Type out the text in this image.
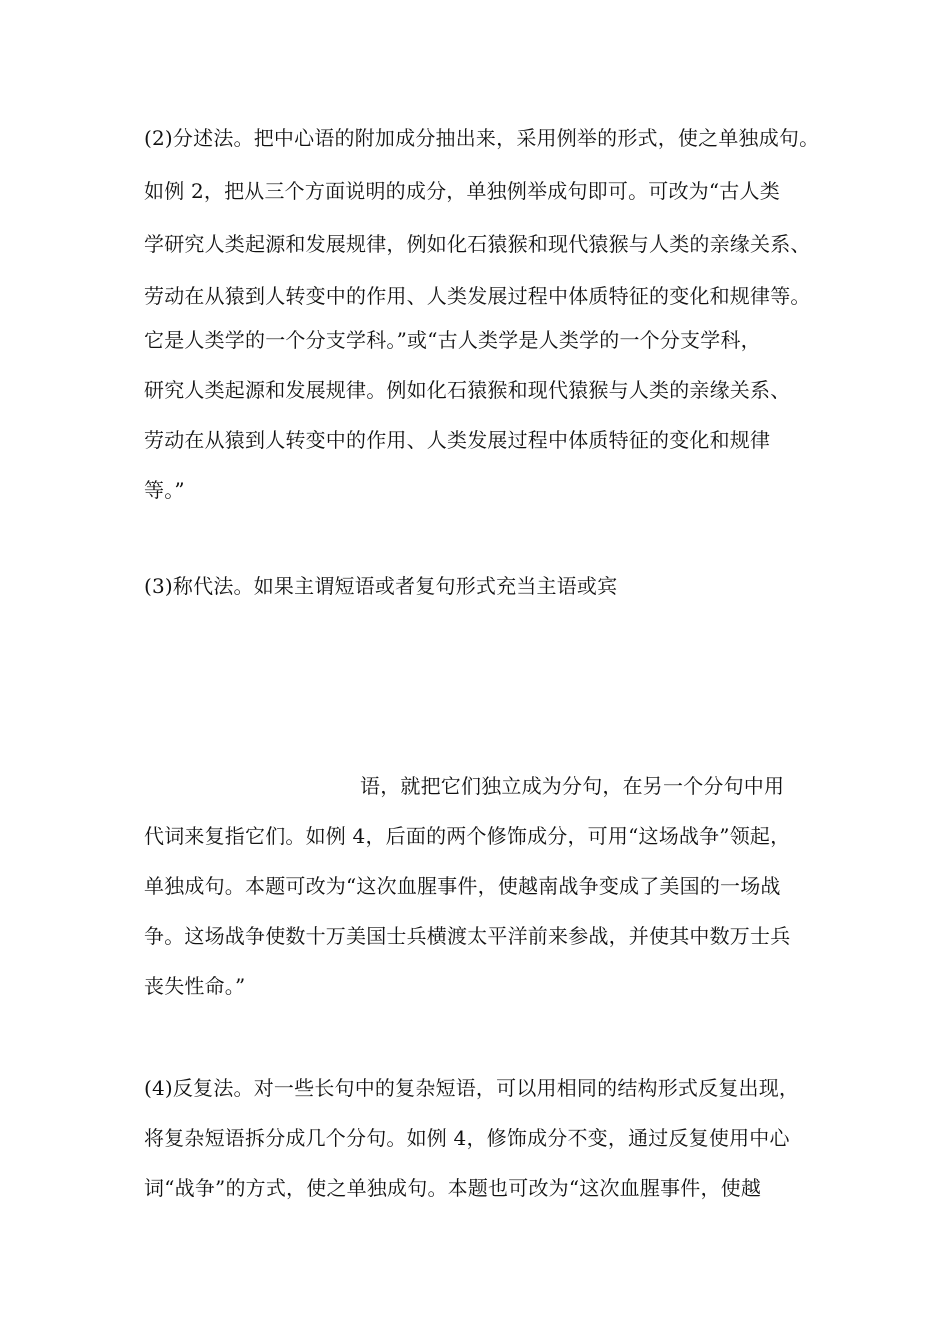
(2)分述法。把中心语的附加成分抽出来，采用例举的形式，使之单独成句。
如例 2，把从三个方面说明的成分，单独例举成句即可。可改为“古人类
学研究人类起源和发展规律，例如化石猿猴和现代猿猴与人类的亲缘关系、
劳动在从猿到人转变中的作用、人类发展过程中体质特征的变化和规律等。
它是人类学的一个分支学科。”或“古人类学是人类学的一个分支学科，
研究人类起源和发展规律。例如化石猿猴和现代猿猴与人类的亲缘关系、
劳动在从猿到人转变中的作用、人类发展过程中体质特征的变化和规律
等。”
(3)称代法。如果主谓短语或者复句形式充当主语或宾
语，就把它们独立成为分句，在另一个分句中用
代词来复指它们。如例 4，后面的两个修饰成分，可用“这场战争”领起，
单独成句。本题可改为“这次血腥事件，使越南战争变成了美国的一场战
争。这场战争使数十万美国士兵横渡太平洋前来参战，并使其中数万士兵
丧失性命。”
(4)反复法。对一些长句中的复杂短语，可以用相同的结构形式反复出现，
将复杂短语拆分成几个分句。如例 4，修饰成分不变，通过反复使用中心
词“战争”的方式，使之单独成句。本题也可改为“这次血腥事件，使越
